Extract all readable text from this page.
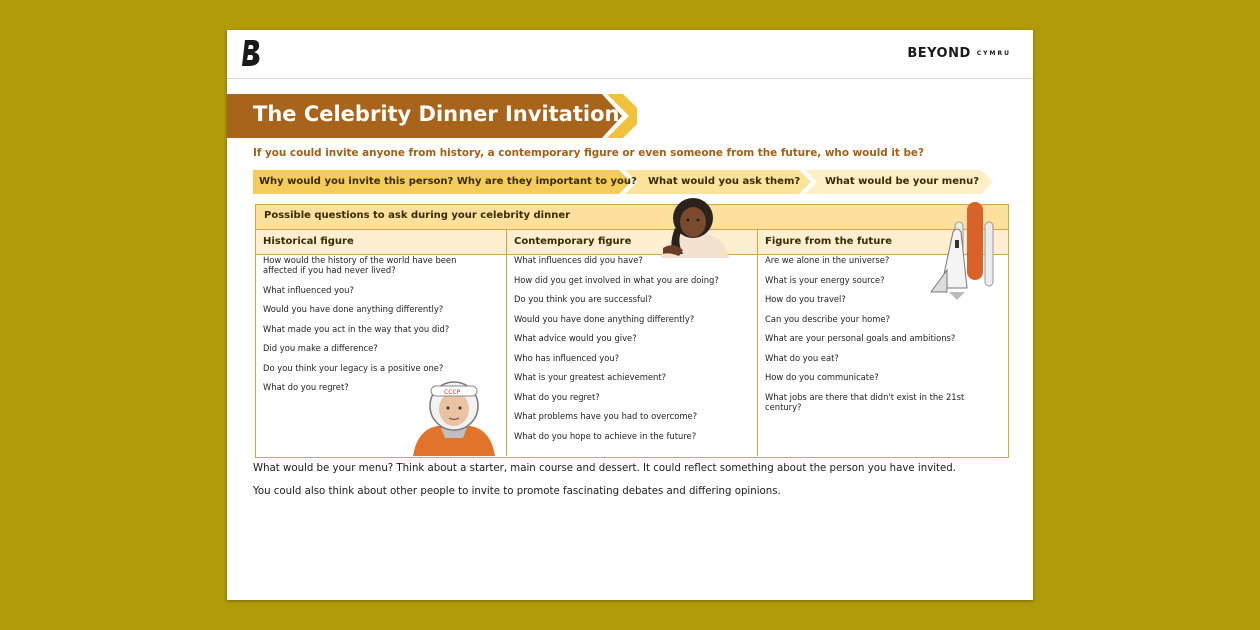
BEYOND CYMRU
The Celebrity Dinner Invitation
If you could invite anyone from history, a contemporary figure or even someone from the future, who would it be?
Why would you invite this person? Why are they important to you? What would you ask them? What would be your menu?
Possible questions to ask during your celebrity dinner
Historical figure	Contemporary figure	Figure from the future
How would the history of the world have been affected if you had never lived?
What influenced you?
Would you have done anything differently?
What made you act in the way that you did?
Did you make a difference?
Do you think your legacy is a positive one?
What do you regret?
What influences did you have?
How did you get involved in what you are doing?
Do you think you are successful?
Would you have done anything differently?
What advice would you give?
Who has influenced you?
What is your greatest achievement?
What do you regret?
What problems have you had to overcome?
What do you hope to achieve in the future?
Are we alone in the universe?
What is your energy source?
How do you travel?
Can you describe your home?
What are your personal goals and ambitions?
What do you eat?
How do you communicate?
What jobs are there that didn't exist in the 21st century?
CCCP
What would be your menu? Think about a starter, main course and dessert. It could reflect something about the person you have invited.
You could also think about other people to invite to promote fascinating debates and differing opinions.
